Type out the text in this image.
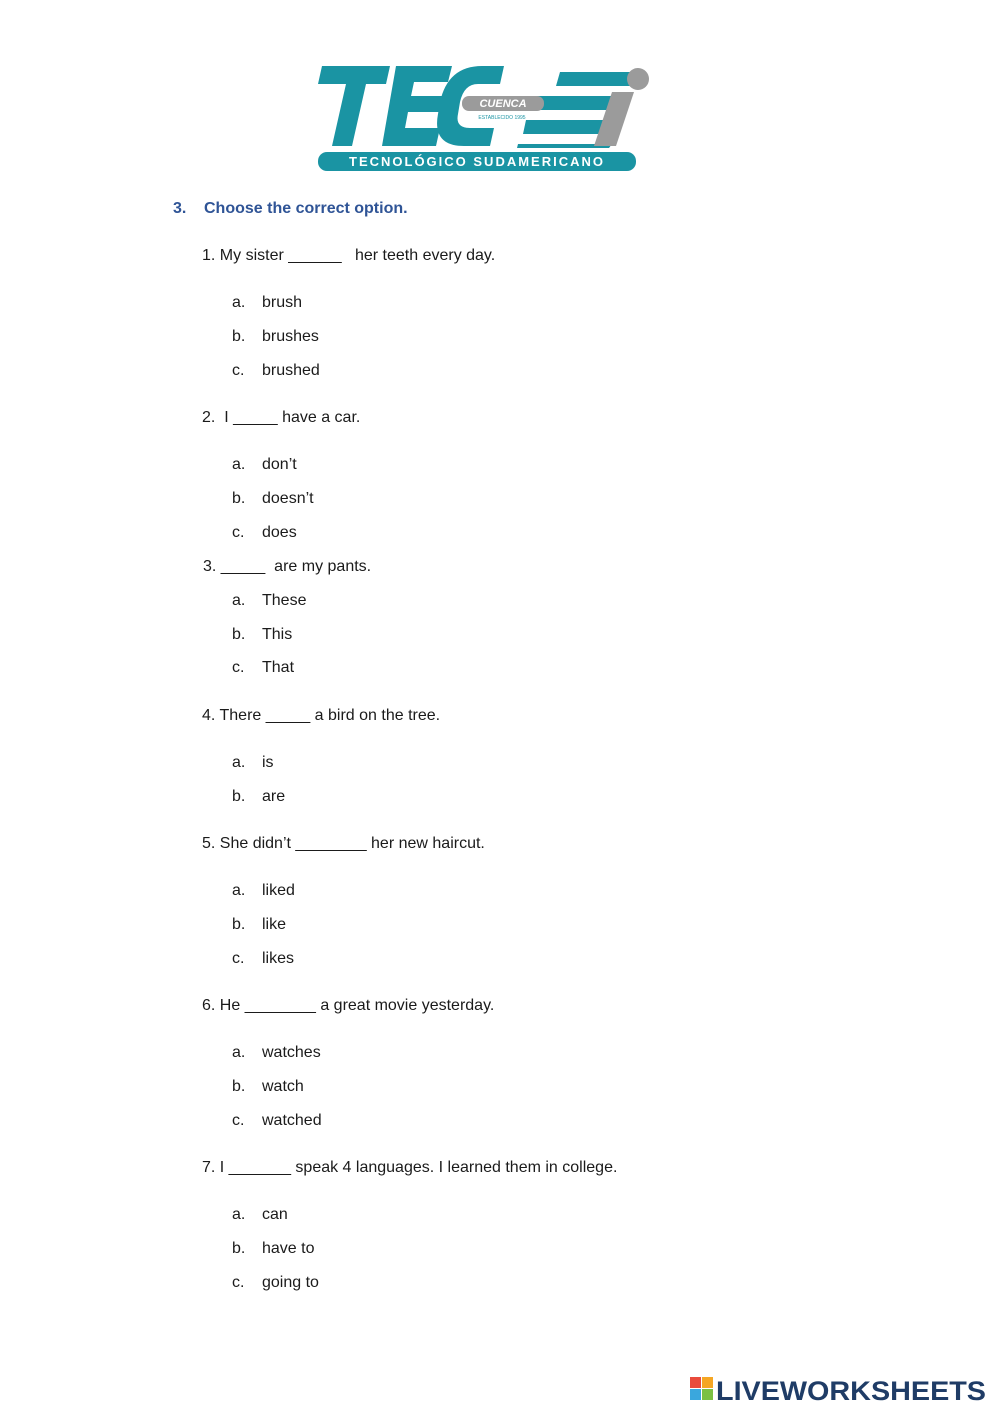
CUENCA
ESTABLECIDO 1995
TECNOLÓGICO SUDAMERICANO
TEC
3. Choose the correct option.
1. My sister ______   her teeth every day.
a. brush
b. brushes
c. brushed
2.  I _____ have a car.
a. don’t
b. doesn’t
c. does
3. _____  are my pants.
a. These
b. This
c. That
4. There _____ a bird on the tree.
a. is
b. are
5. She didn’t ________ her new haircut.
a. liked
b. like
c. likes
6. He ________ a great movie yesterday.
a. watches
b. watch
c. watched
7. I _______ speak 4 languages. I learned them in college.
a. can
b. have to
c. going to
LIVEWORKSHEETS
